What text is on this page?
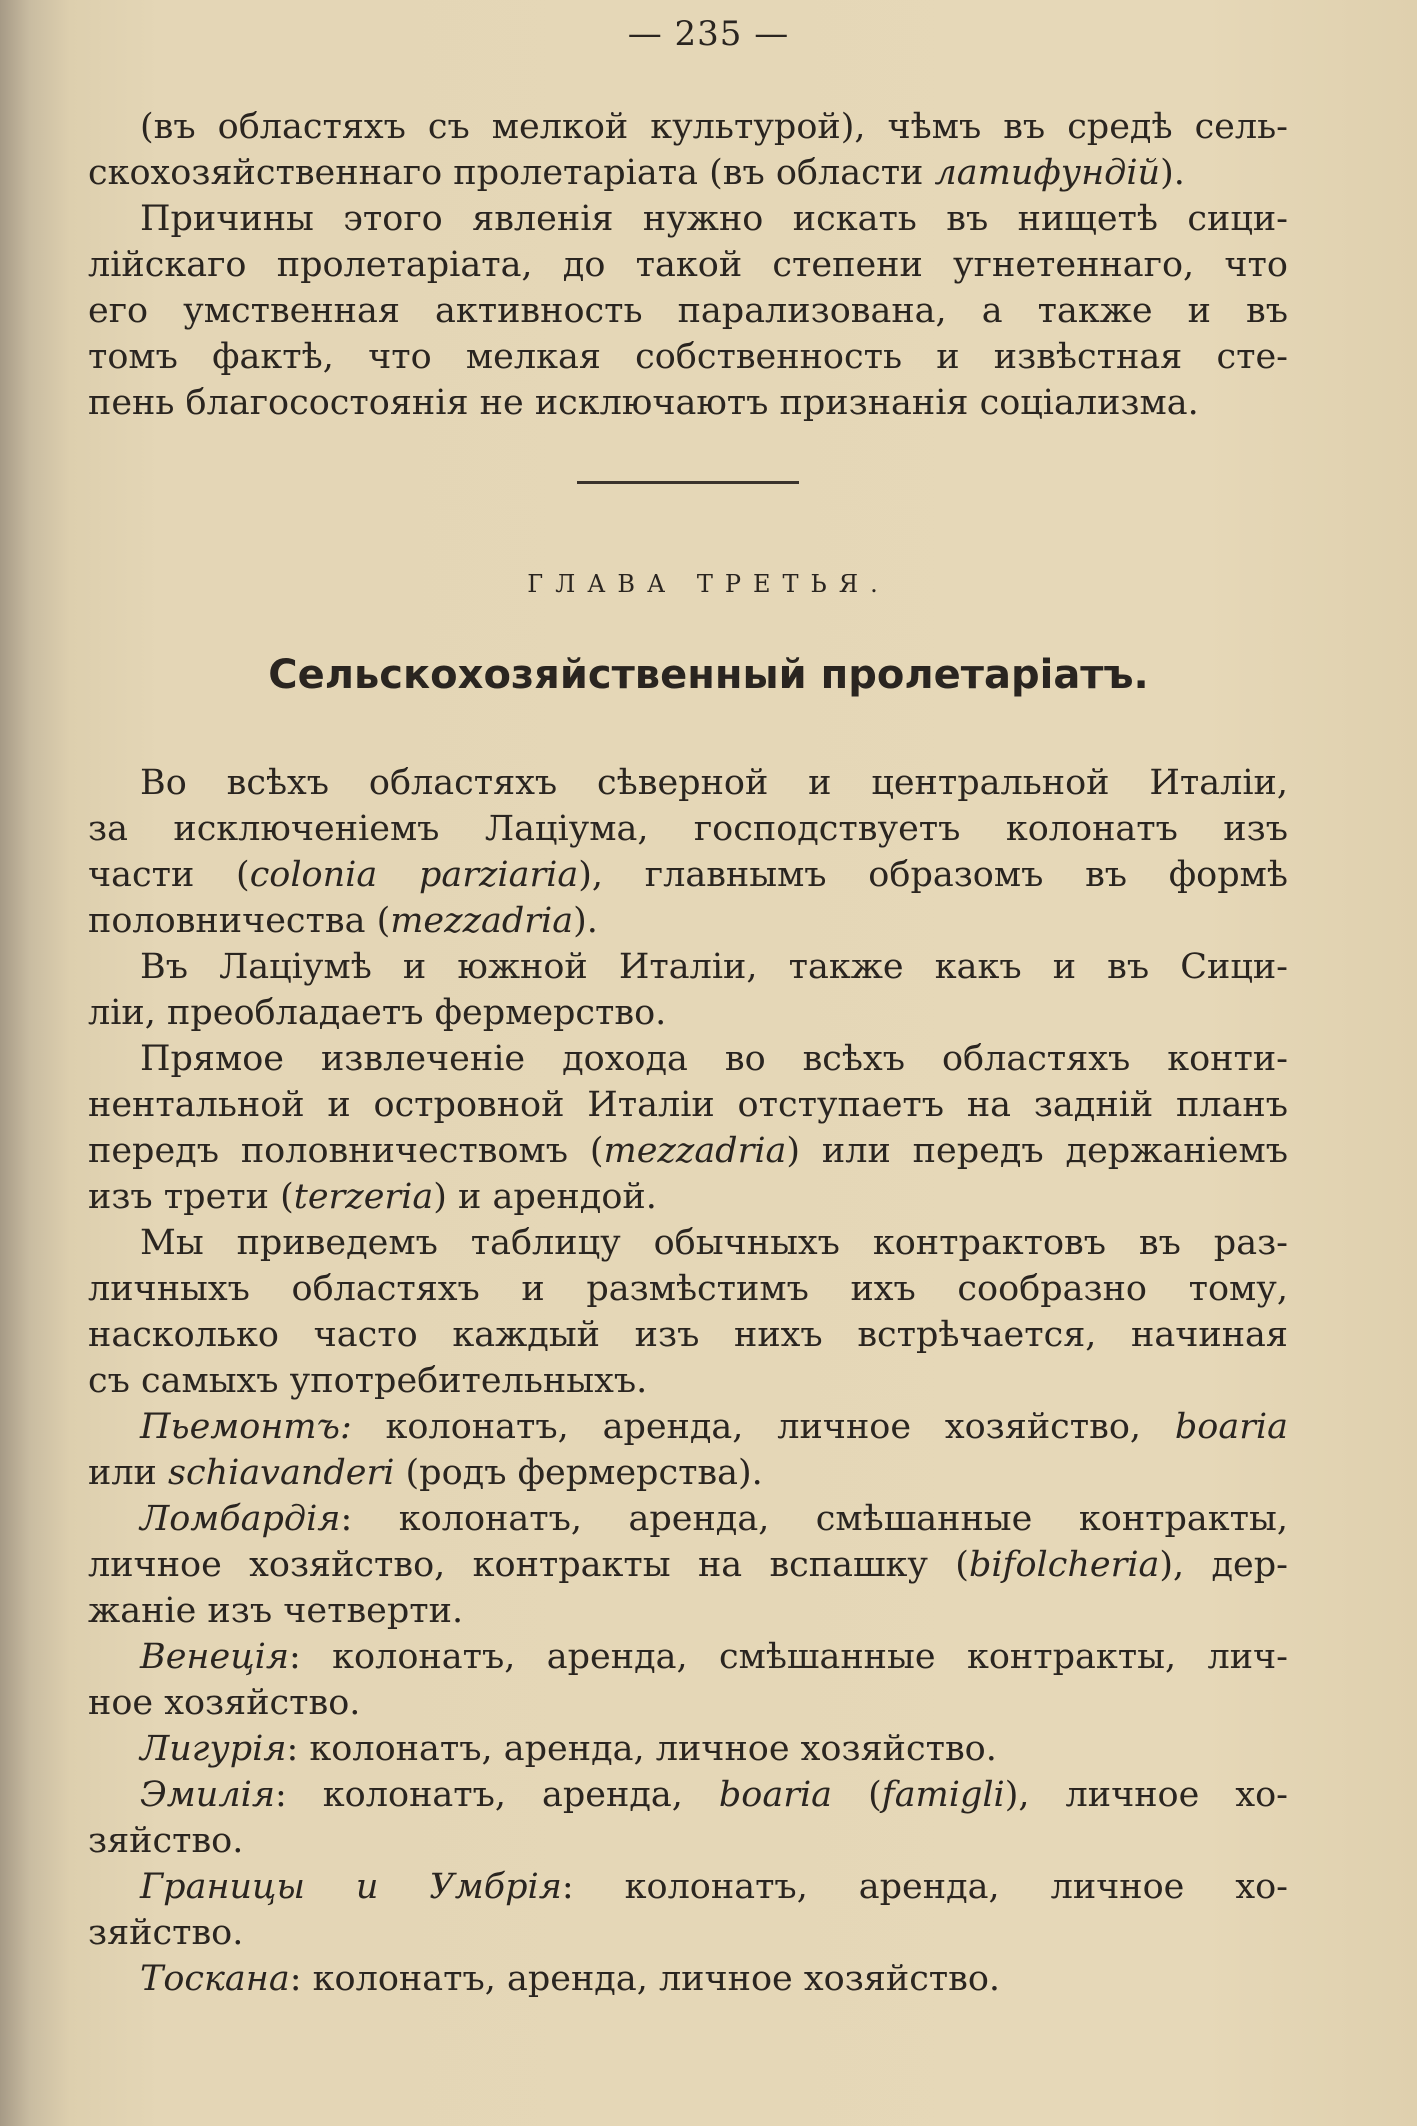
— 235 —

(въ областяхъ съ мелкой культурой), чѣмъ въ средѣ сель-

скохозяйственнаго пролетаріата (въ области латифундій).

Причины этого явленія нужно искать въ нищетѣ сици-

лійскаго пролетаріата, до такой степени угнетеннаго, что

его умственная активность парализована, а также и въ

томъ фактѣ, что мелкая собственность и извѣстная сте-

пень благосостоянія не исключаютъ признанія соціализма.

ГЛАВА ТРЕТЬЯ.
Сельскохозяйственный пролетаріатъ.

Во всѣхъ областяхъ сѣверной и центральной Италіи,

за исключеніемъ Лаціума, господствуетъ колонатъ изъ

части (colonia parziaria), главнымъ образомъ въ формѣ

половничества (mezzadria).

Въ Лаціумѣ и южной Италіи, также какъ и въ Сици-

ліи, преобладаетъ фермерство.

Прямое извлеченіе дохода во всѣхъ областяхъ конти-

нентальной и островной Италіи отступаетъ на задній планъ

передъ половничествомъ (mezzadria) или передъ держаніемъ

изъ трети (terzeria) и арендой.

Мы приведемъ таблицу обычныхъ контрактовъ въ раз-

личныхъ областяхъ и размѣстимъ ихъ сообразно тому,

насколько часто каждый изъ нихъ встрѣчается, начиная

съ самыхъ употребительныхъ.

Пьемонтъ: колонатъ, аренда, личное хозяйство, boaria

или schiavanderi (родъ фермерства).

Ломбардія: колонатъ, аренда, смѣшанные контракты,

личное хозяйство, контракты на вспашку (bifolcheria), дер-

жаніе изъ четверти.

Венеція: колонатъ, аренда, смѣшанные контракты, лич-

ное хозяйство.

Лигурія: колонатъ, аренда, личное хозяйство.

Эмилія: колонатъ, аренда, boaria (famigli), личное хо-

зяйство.

Границы и Умбрія: колонатъ, аренда, личное хо-

зяйство.

Тоскана: колонатъ, аренда, личное хозяйство.
